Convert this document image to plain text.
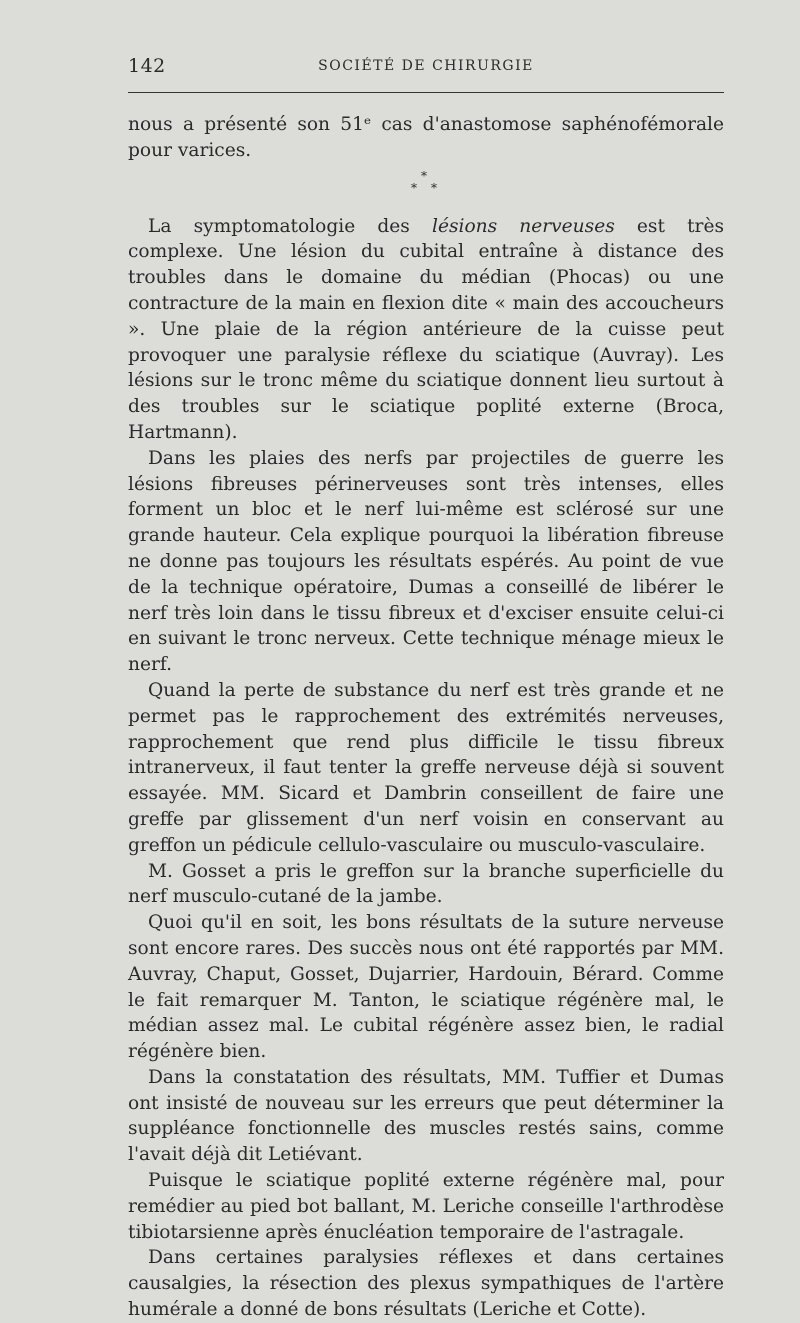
142	SOCIÉTÉ DE CHIRURGIE

nous a présenté son 51ᵉ cas d'anastomose saphénofémorale pour varices.

*
* *

La symptomatologie des lésions nerveuses est très complexe. Une lésion du cubital entraîne à distance des troubles dans le domaine du médian (Phocas) ou une contracture de la main en flexion dite « main des accoucheurs ». Une plaie de la région antérieure de la cuisse peut provoquer une paralysie réflexe du sciatique (Auvray). Les lésions sur le tronc même du sciatique donnent lieu surtout à des troubles sur le sciatique poplité externe (Broca, Hartmann).

Dans les plaies des nerfs par projectiles de guerre les lésions fibreuses périnerveuses sont très intenses, elles forment un bloc et le nerf lui-même est sclérosé sur une grande hauteur. Cela explique pourquoi la libération fibreuse ne donne pas toujours les résultats espérés. Au point de vue de la technique opératoire, Dumas a conseillé de libérer le nerf très loin dans le tissu fibreux et d'exciser ensuite celui-ci en suivant le tronc nerveux. Cette technique ménage mieux le nerf.

Quand la perte de substance du nerf est très grande et ne permet pas le rapprochement des extrémités nerveuses, rapprochement que rend plus difficile le tissu fibreux intranerveux, il faut tenter la greffe nerveuse déjà si souvent essayée. MM. Sicard et Dambrin conseillent de faire une greffe par glissement d'un nerf voisin en conservant au greffon un pédicule cellulo-vasculaire ou musculo-vasculaire.

M. Gosset a pris le greffon sur la branche superficielle du nerf musculo-cutané de la jambe.

Quoi qu'il en soit, les bons résultats de la suture nerveuse sont encore rares. Des succès nous ont été rapportés par MM. Auvray, Chaput, Gosset, Dujarrier, Hardouin, Bérard. Comme le fait remarquer M. Tanton, le sciatique régénère mal, le médian assez mal. Le cubital régénère assez bien, le radial régénère bien.

Dans la constatation des résultats, MM. Tuffier et Dumas ont insisté de nouveau sur les erreurs que peut déterminer la suppléance fonctionnelle des muscles restés sains, comme l'avait déjà dit Letiévant.

Puisque le sciatique poplité externe régénère mal, pour remédier au pied bot ballant, M. Leriche conseille l'arthrodèse tibiotarsienne après énucléation temporaire de l'astragale.

Dans certaines paralysies réflexes et dans certaines causalgies, la résection des plexus sympathiques de l'artère humérale a donné de bons résultats (Leriche et Cotte).
